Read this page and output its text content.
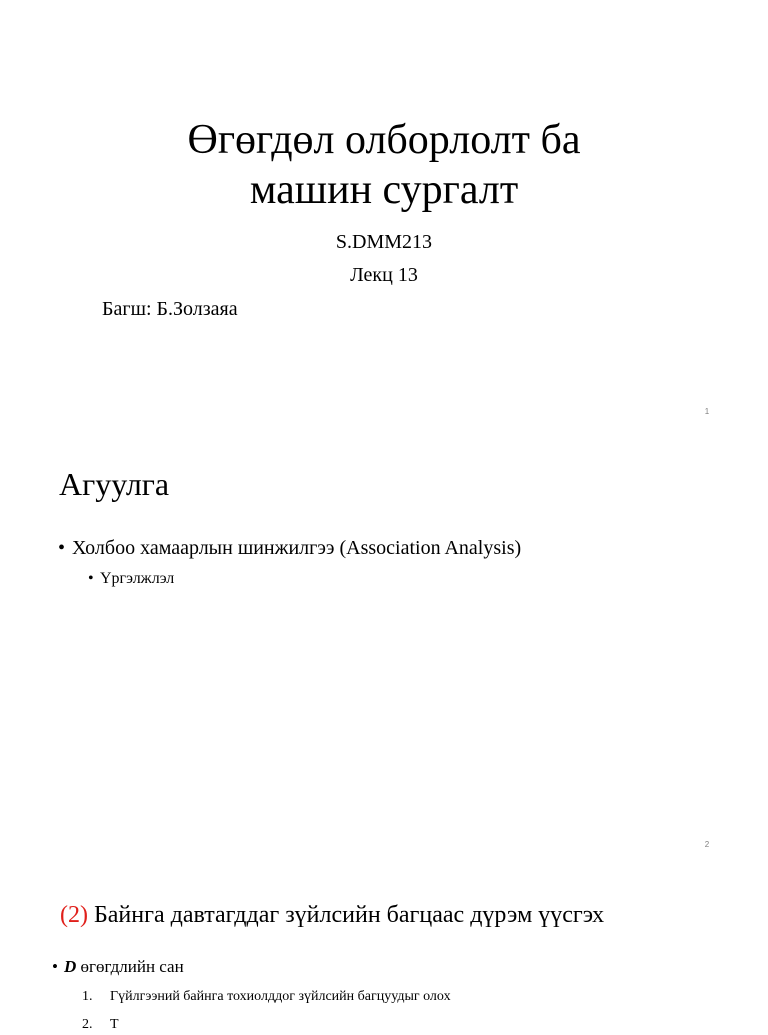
Өгөгдөл олборлолт ба
машин сургалт
S.DMM213
Лекц 13
Багш: Б.Золзаяа
1
Агуулга
• Холбоо хамаарлын шинжилгээ (Association Analysis)
• Үргэлжлэл
2
(2) Байнга давтагддаг зүйлсийн багцаас дүрэм үүсгэх
• D өгөгдлийн сан
1. Гүйлгээний байнга тохиолддог зүйлсийн багцуудыг олох
2. Т
